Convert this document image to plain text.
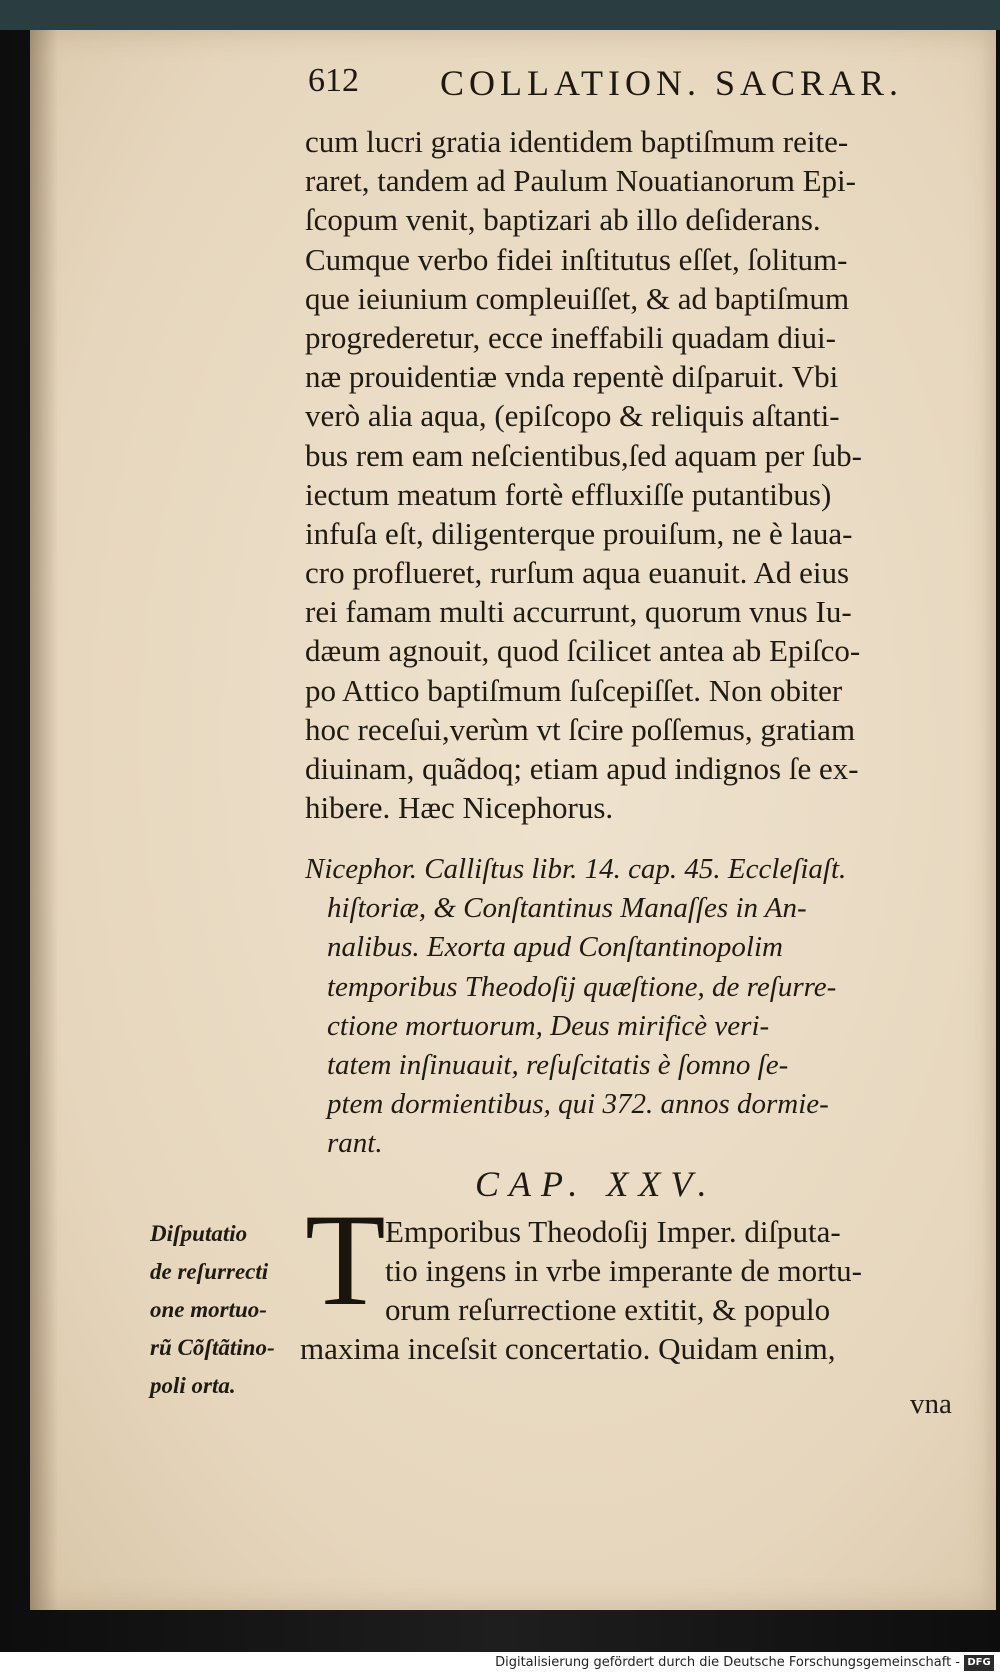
612 COLLATION. SACRAR.
cum lucri gratia identidem baptiſmum reite-
raret, tandem ad Paulum Nouatianorum Epi-
ſcopum venit, baptizari ab illo deſiderans.
Cumque verbo fidei inſtitutus eſſet, ſolitum-
que ieiunium compleuiſſet, & ad baptiſmum
progrederetur, ecce ineffabili quadam diui-
næ prouidentiæ vnda repentè diſparuit. Vbi
verò alia aqua, (epiſcopo & reliquis aſtanti-
bus rem eam neſcientibus,ſed aquam per ſub-
iectum meatum fortè effluxiſſe putantibus)
infuſa eſt, diligenterque prouiſum, ne è laua-
cro proflueret, rurſum aqua euanuit. Ad eius
rei famam multi accurrunt, quorum vnus Iu-
dæum agnouit, quod ſcilicet antea ab Epiſco-
po Attico baptiſmum ſuſcepiſſet. Non obiter
hoc receſui,verùm vt ſcire poſſemus, gratiam
diuinam, quãdoq; etiam apud indignos ſe ex-
hibere. Hæc Nicephorus.
Nicephor. Calliſtus libr. 14. cap. 45. Eccleſiaſt.
hiſtoriæ, & Conſtantinus Manaſſes in An-
nalibus. Exorta apud Conſtantinopolim
temporibus Theodoſij quæſtione, de reſurre-
ctione mortuorum, Deus mirificè veri-
tatem inſinuauit, reſuſcitatis è ſomno ſe-
ptem dormientibus, qui 372. annos dormie-
rant.
CAP. XXV.
T Emporibus Theodoſij Imper. diſputa-
tio ingens in vrbe imperante de mortu-
orum reſurrectione extitit, & populo
maxima inceſsit concertatio. Quidam enim,
vna
Diſputatio
de reſurrecti
one mortuo-
rũ Cõſtãtino-
poli orta.
Digitalisierung gefördert durch die Deutsche Forschungsgemeinschaft - DFG
